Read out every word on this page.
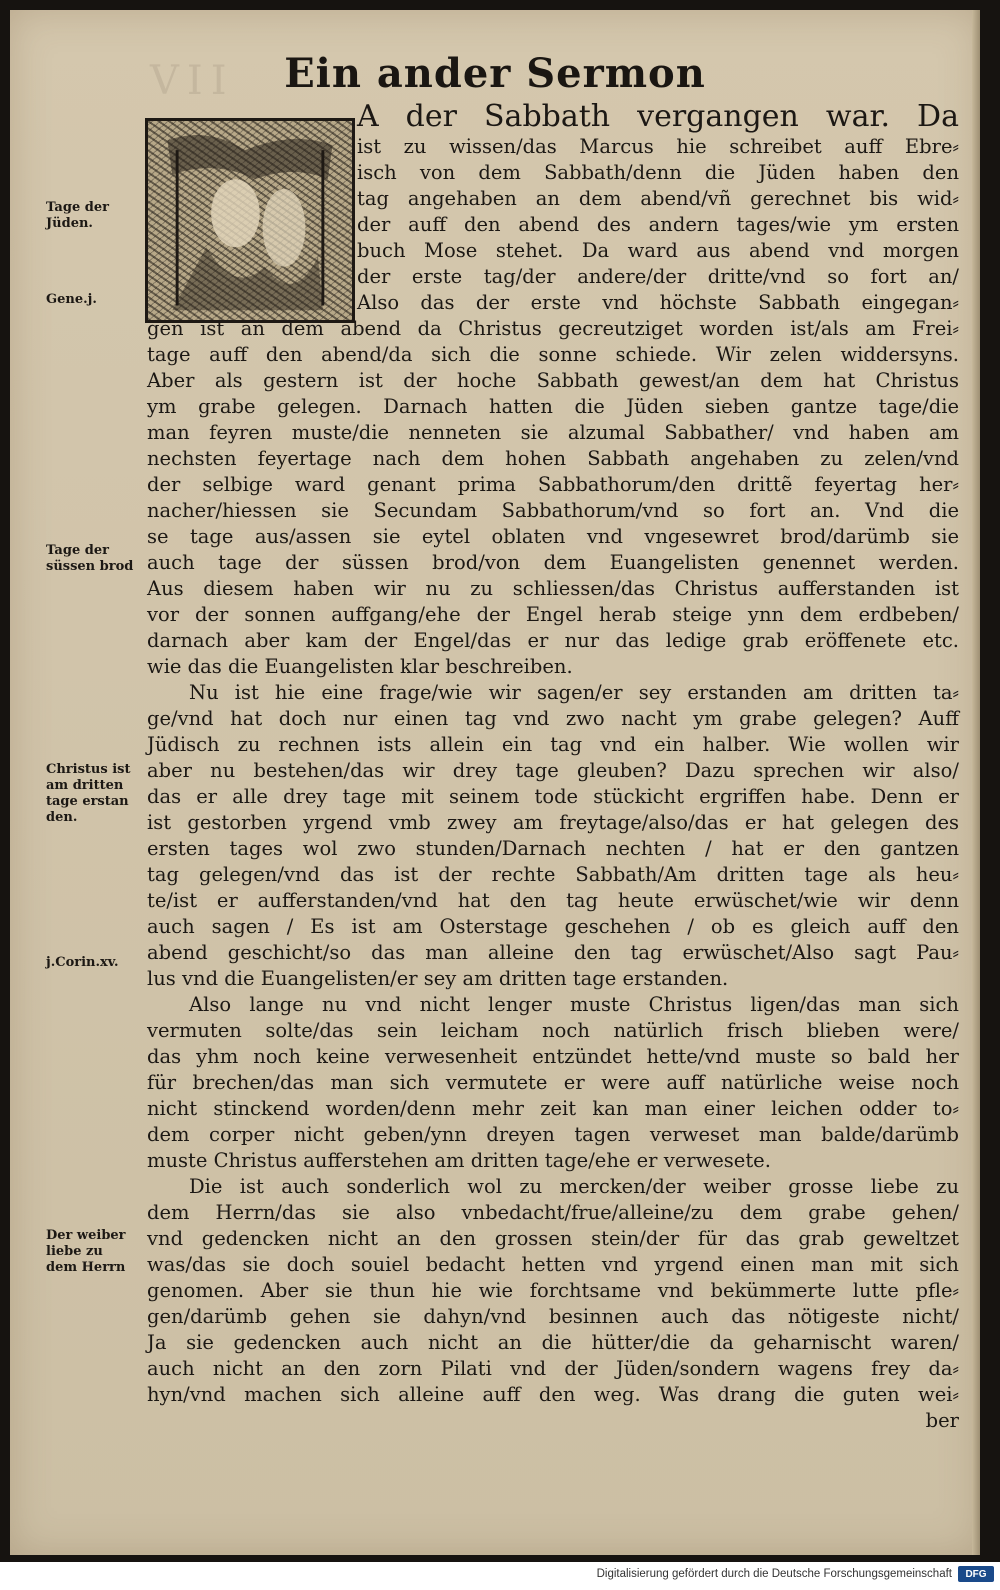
VII	Ein ander Sermon
Tage der
Jüden.
Gene.j.
Tage der
süssen brod
Christus ist
am dritten
tage erstan
den.
j.Corin.xv.
Der weiber
liebe zu
dem Herrn
A der Sabbath vergangen war. Da
ist zu wissen/das Marcus hie schreibet auff Ebre⸗
isch von dem Sabbath/denn die Jüden haben den
tag angehaben an dem abend/vñ gerechnet bis wid⸗
der auff den abend des andern tages/wie ym ersten
buch Mose stehet. Da ward aus abend vnd morgen
der erste tag/der andere/der dritte/vnd so fort an/
Also das der erste vnd höchste Sabbath eingegan⸗
gen ist an dem abend da Christus gecreutziget worden ist/als am Frei⸗
tage auff den abend/da sich die sonne schiede. Wir zelen widdersyns.
Aber als gestern ist der hoche Sabbath gewest/an dem hat Christus
ym grabe gelegen. Darnach hatten die Jüden sieben gantze tage/die
man feyren muste/die nenneten sie alzumal Sabbather/ vnd haben am
nechsten feyertage nach dem hohen Sabbath angehaben zu zelen/vnd
der selbige ward genant prima Sabbathorum/den drittẽ feyertag her⸗
nacher/hiessen sie Secundam Sabbathorum/vnd so fort an. Vnd die
se tage aus/assen sie eytel oblaten vnd vngesewret brod/darümb sie
auch tage der süssen brod/von dem Euangelisten genennet werden.
Aus diesem haben wir nu zu schliessen/das Christus aufferstanden ist
vor der sonnen auffgang/ehe der Engel herab steige ynn dem erdbeben/
darnach aber kam der Engel/das er nur das ledige grab eröffenete etc.
wie das die Euangelisten klar beschreiben.
Nu ist hie eine frage/wie wir sagen/er sey erstanden am dritten ta⸗
ge/vnd hat doch nur einen tag vnd zwo nacht ym grabe gelegen? Auff
Jüdisch zu rechnen ists allein ein tag vnd ein halber. Wie wollen wir
aber nu bestehen/das wir drey tage gleuben? Dazu sprechen wir also/
das er alle drey tage mit seinem tode stückicht ergriffen habe. Denn er
ist gestorben yrgend vmb zwey am freytage/also/das er hat gelegen des
ersten tages wol zwo stunden/Darnach nechten / hat er den gantzen
tag gelegen/vnd das ist der rechte Sabbath/Am dritten tage als heu⸗
te/ist er aufferstanden/vnd hat den tag heute erwüschet/wie wir denn
auch sagen / Es ist am Osterstage geschehen / ob es gleich auff den
abend geschicht/so das man alleine den tag erwüschet/Also sagt Pau⸗
lus vnd die Euangelisten/er sey am dritten tage erstanden.
Also lange nu vnd nicht lenger muste Christus ligen/das man sich
vermuten solte/das sein leicham noch natürlich frisch blieben were/
das yhm noch keine verwesenheit entzündet hette/vnd muste so bald her
für brechen/das man sich vermutete er were auff natürliche weise noch
nicht stinckend worden/denn mehr zeit kan man einer leichen odder to⸗
dem corper nicht geben/ynn dreyen tagen verweset man balde/darümb
muste Christus aufferstehen am dritten tage/ehe er verwesete.
Die ist auch sonderlich wol zu mercken/der weiber grosse liebe zu
dem Herrn/das sie also vnbedacht/frue/alleine/zu dem grabe gehen/
vnd gedencken nicht an den grossen stein/der für das grab geweltzet
was/das sie doch souiel bedacht hetten vnd yrgend einen man mit sich
genomen. Aber sie thun hie wie forchtsame vnd bekümmerte lutte pfle⸗
gen/darümb gehen sie dahyn/vnd besinnen auch das nötigeste nicht/
Ja sie gedencken auch nicht an die hütter/die da geharnischt waren/
auch nicht an den zorn Pilati vnd der Jüden/sondern wagens frey da⸗
hyn/vnd machen sich alleine auff den weg. Was drang die guten wei⸗
ber
Digitalisierung gefördert durch die Deutsche Forschungsgemeinschaft	DFG
